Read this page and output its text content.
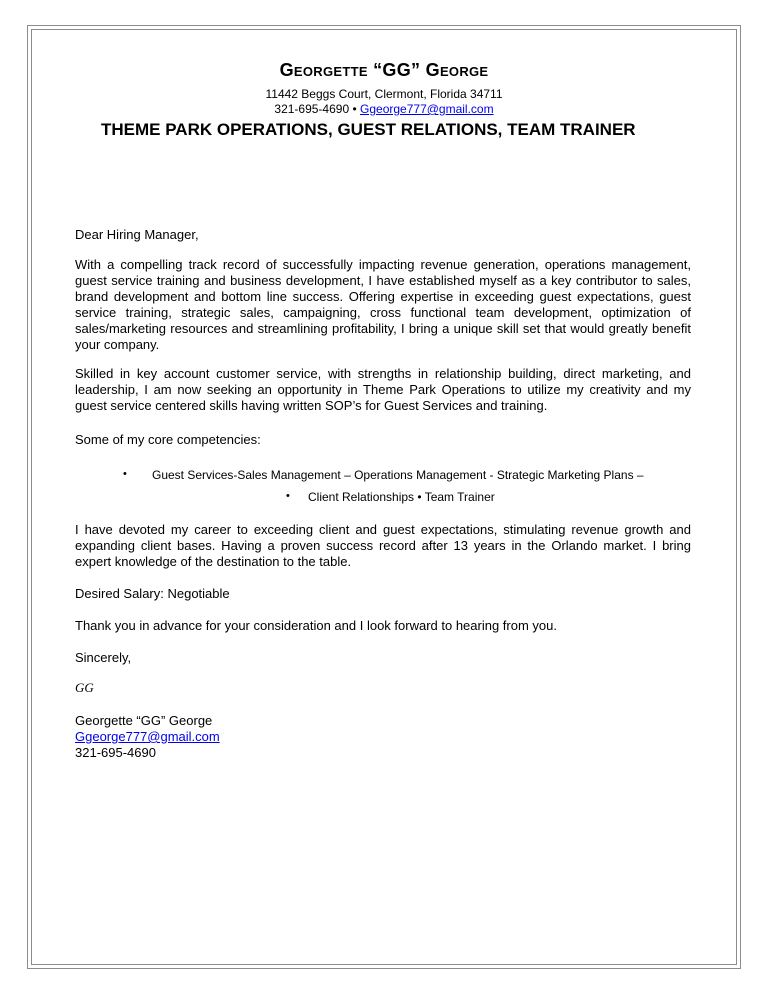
Georgette “GG” George
11442 Beggs Court, Clermont, Florida 34711
321-695-4690 • Ggeorge777@gmail.com
THEME PARK OPERATIONS, GUEST RELATIONS, TEAM TRAINER
Dear Hiring Manager,
With a compelling track record of successfully impacting revenue generation, operations management, guest service training and business development, I have established myself as a key contributor to sales, brand development and bottom line success. Offering expertise in exceeding guest expectations, guest service training, strategic sales, campaigning, cross functional team development, optimization of sales/marketing resources and streamlining profitability, I bring a unique skill set that would greatly benefit your company.
Skilled in key account customer service, with strengths in relationship building, direct marketing, and leadership, I am now seeking an opportunity in Theme Park Operations to utilize my creativity and my guest service centered skills having written SOP’s for Guest Services and training.
Some of my core competencies:
• Guest Services-Sales Management – Operations Management - Strategic Marketing Plans –
• Client Relationships • Team Trainer
I have devoted my career to exceeding client and guest expectations, stimulating revenue growth and expanding client bases. Having a proven success record after 13 years in the Orlando market. I bring expert knowledge of the destination to the table.
Desired Salary: Negotiable
Thank you in advance for your consideration and I look forward to hearing from you.
Sincerely,
GG
Georgette “GG” George
Ggeorge777@gmail.com
321-695-4690
